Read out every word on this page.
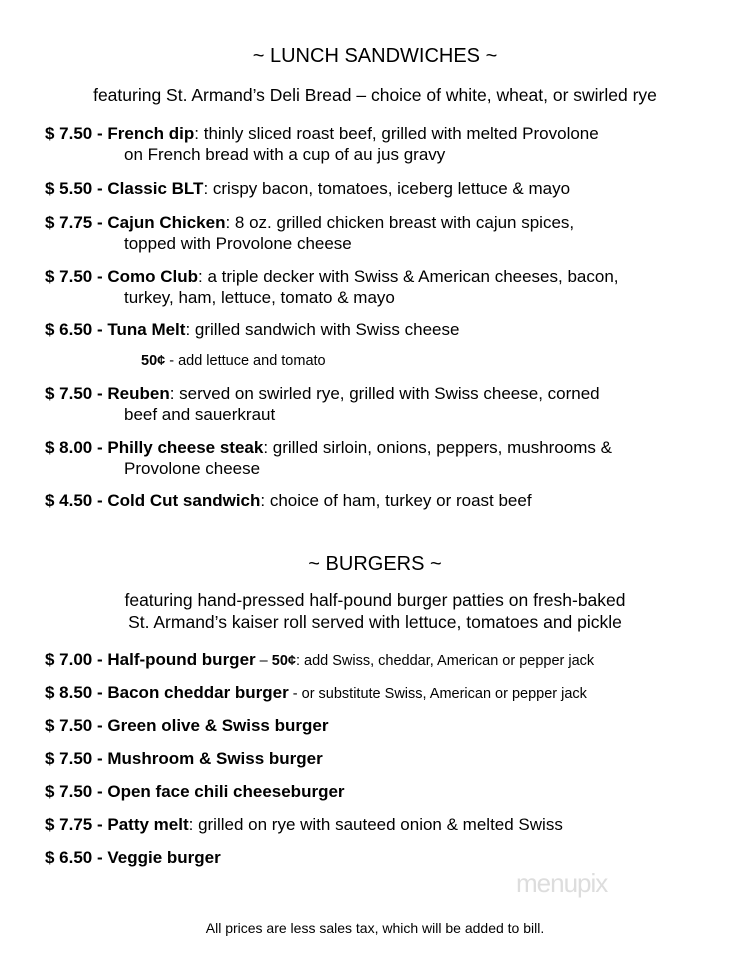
~ LUNCH SANDWICHES ~
featuring St. Armand’s Deli Bread – choice of white, wheat, or swirled rye
$ 7.50 - French dip: thinly sliced roast beef, grilled with melted Provolone
on French bread with a cup of au jus gravy
$ 5.50 - Classic BLT: crispy bacon, tomatoes, iceberg lettuce & mayo
$ 7.75 - Cajun Chicken: 8 oz. grilled chicken breast with cajun spices,
topped with Provolone cheese
$ 7.50 - Como Club: a triple decker with Swiss & American cheeses, bacon,
turkey, ham, lettuce, tomato & mayo
$ 6.50 - Tuna Melt: grilled sandwich with Swiss cheese
50¢ - add lettuce and tomato
$ 7.50 - Reuben: served on swirled rye, grilled with Swiss cheese, corned
beef and sauerkraut
$ 8.00 - Philly cheese steak: grilled sirloin, onions, peppers, mushrooms &
Provolone cheese
$ 4.50 - Cold Cut sandwich: choice of ham, turkey or roast beef
~ BURGERS ~
featuring hand-pressed half-pound burger patties on fresh-baked
St. Armand’s kaiser roll served with lettuce, tomatoes and pickle
$ 7.00 - Half-pound burger – 50¢: add Swiss, cheddar, American or pepper jack
$ 8.50 - Bacon cheddar burger - or substitute Swiss, American or pepper jack
$ 7.50 - Green olive & Swiss burger
$ 7.50 - Mushroom & Swiss burger
$ 7.50 - Open face chili cheeseburger
$ 7.75 - Patty melt: grilled on rye with sauteed onion & melted Swiss
$ 6.50 - Veggie burger
menupix
All prices are less sales tax, which will be added to bill.
